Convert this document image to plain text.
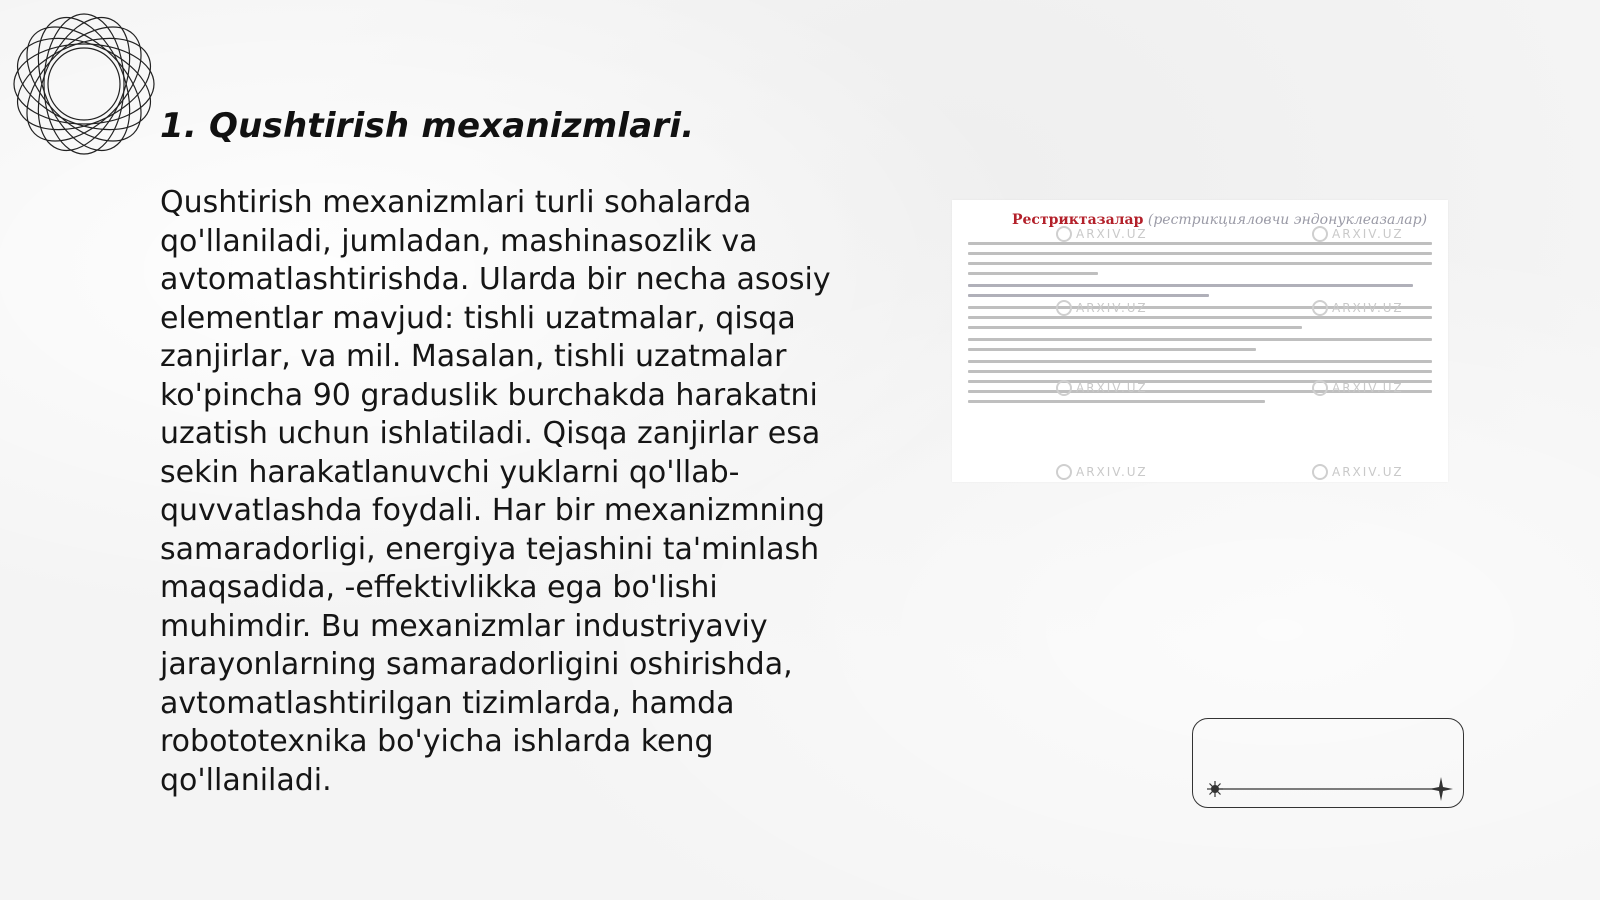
1. Qushtirish mexanizmlari.

Qushtirish mexanizmlari turli sohalarda qo'llaniladi, jumladan, mashinasozlik va avtomatlashtirishda. Ularda bir necha asosiy elementlar mavjud: tishli uzatmalar, qisqa zanjirlar, va mil. Masalan, tishli uzatmalar ko'pincha 90 graduslik burchakda harakatni uzatish uchun ishlatiladi. Qisqa zanjirlar esa sekin harakatlanuvchi yuklarni qo'llab-quvvatlashda foydali. Har bir mexanizmning samaradorligi, energiya tejashini ta'minlash maqsadida, -effektivlikka ega bo'lishi muhimdir. Bu mexanizmlar industriyaviy jarayonlarning samaradorligini oshirishda, avtomatlashtirilgan tizimlarda, hamda robototexnika bo'yicha ishlarda keng qo'llaniladi.

Рестриктазалар (рестрикцияловчи эндонуклеазалар)
ARXIV.UZ	ARXIV.UZ
ARXIV.UZ	ARXIV.UZ
ARXIV.UZ	ARXIV.UZ
ARXIV.UZ	ARXIV.UZ
